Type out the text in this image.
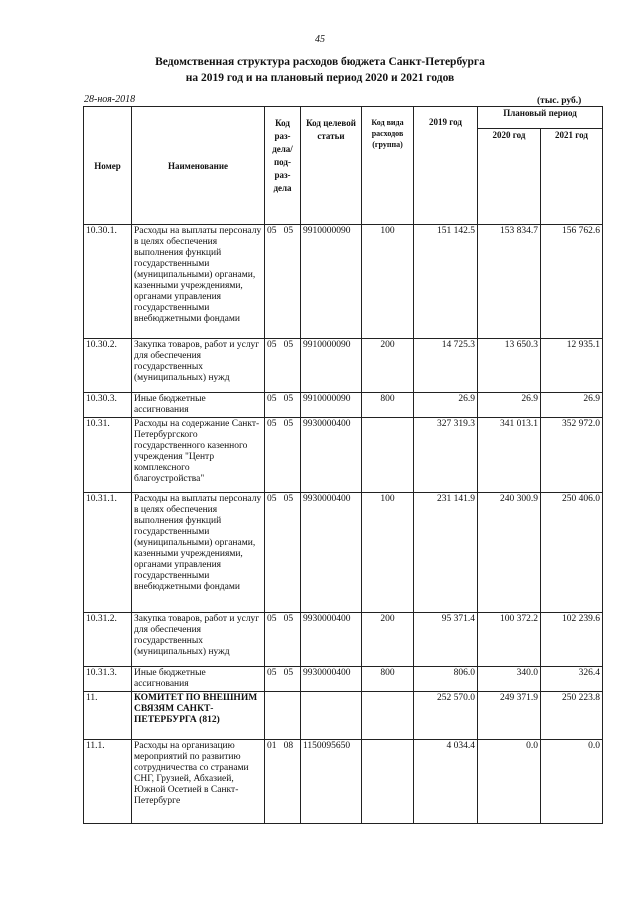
45
Ведомственная структура расходов бюджета Санкт-Петербурга
на 2019 год и на плановый период 2020 и 2021 годов
28-ноя-2018	(тыс. руб.)
Номер	Наименование	Код раз-дела/ под-раз-дела	Код целевой статьи	Код вида расходов (группа)	2019 год	Плановый период	
						2020 год	2021 год
10.30.1.	Расходы на выплаты персоналу в целях обеспечения выполнения функций государственными (муниципальными) органами, казенными учреждениями, органами управления государственными внебюджетными фондами	05 05	9910000090	100	151 142.5	153 834.7	156 762.6
10.30.2.	Закупка товаров, работ и услуг для обеспечения государственных (муниципальных) нужд	05 05	9910000090	200	14 725.3	13 650.3	12 935.1
10.30.3.	Иные бюджетные ассигнования	05 05	9910000090	800	26.9	26.9	26.9
10.31.	Расходы на содержание Санкт-Петербургского государственного казенного учреждения "Центр комплексного благоустройства"	05 05	9930000400		327 319.3	341 013.1	352 972.0
10.31.1.	Расходы на выплаты персоналу в целях обеспечения выполнения функций государственными (муниципальными) органами, казенными учреждениями, органами управления государственными внебюджетными фондами	05 05	9930000400	100	231 141.9	240 300.9	250 406.0
10.31.2.	Закупка товаров, работ и услуг для обеспечения государственных (муниципальных) нужд	05 05	9930000400	200	95 371.4	100 372.2	102 239.6
10.31.3.	Иные бюджетные ассигнования	05 05	9930000400	800	806.0	340.0	326.4
11.	КОМИТЕТ ПО ВНЕШНИМ СВЯЗЯМ САНКТ-ПЕТЕРБУРГА (812)				252 570.0	249 371.9	250 223.8
11.1.	Расходы на организацию мероприятий по развитию сотрудничества со странами СНГ, Грузией, Абхазией, Южной Осетией в Санкт-Петербурге	01 08	1150095650		4 034.4	0.0	0.0
